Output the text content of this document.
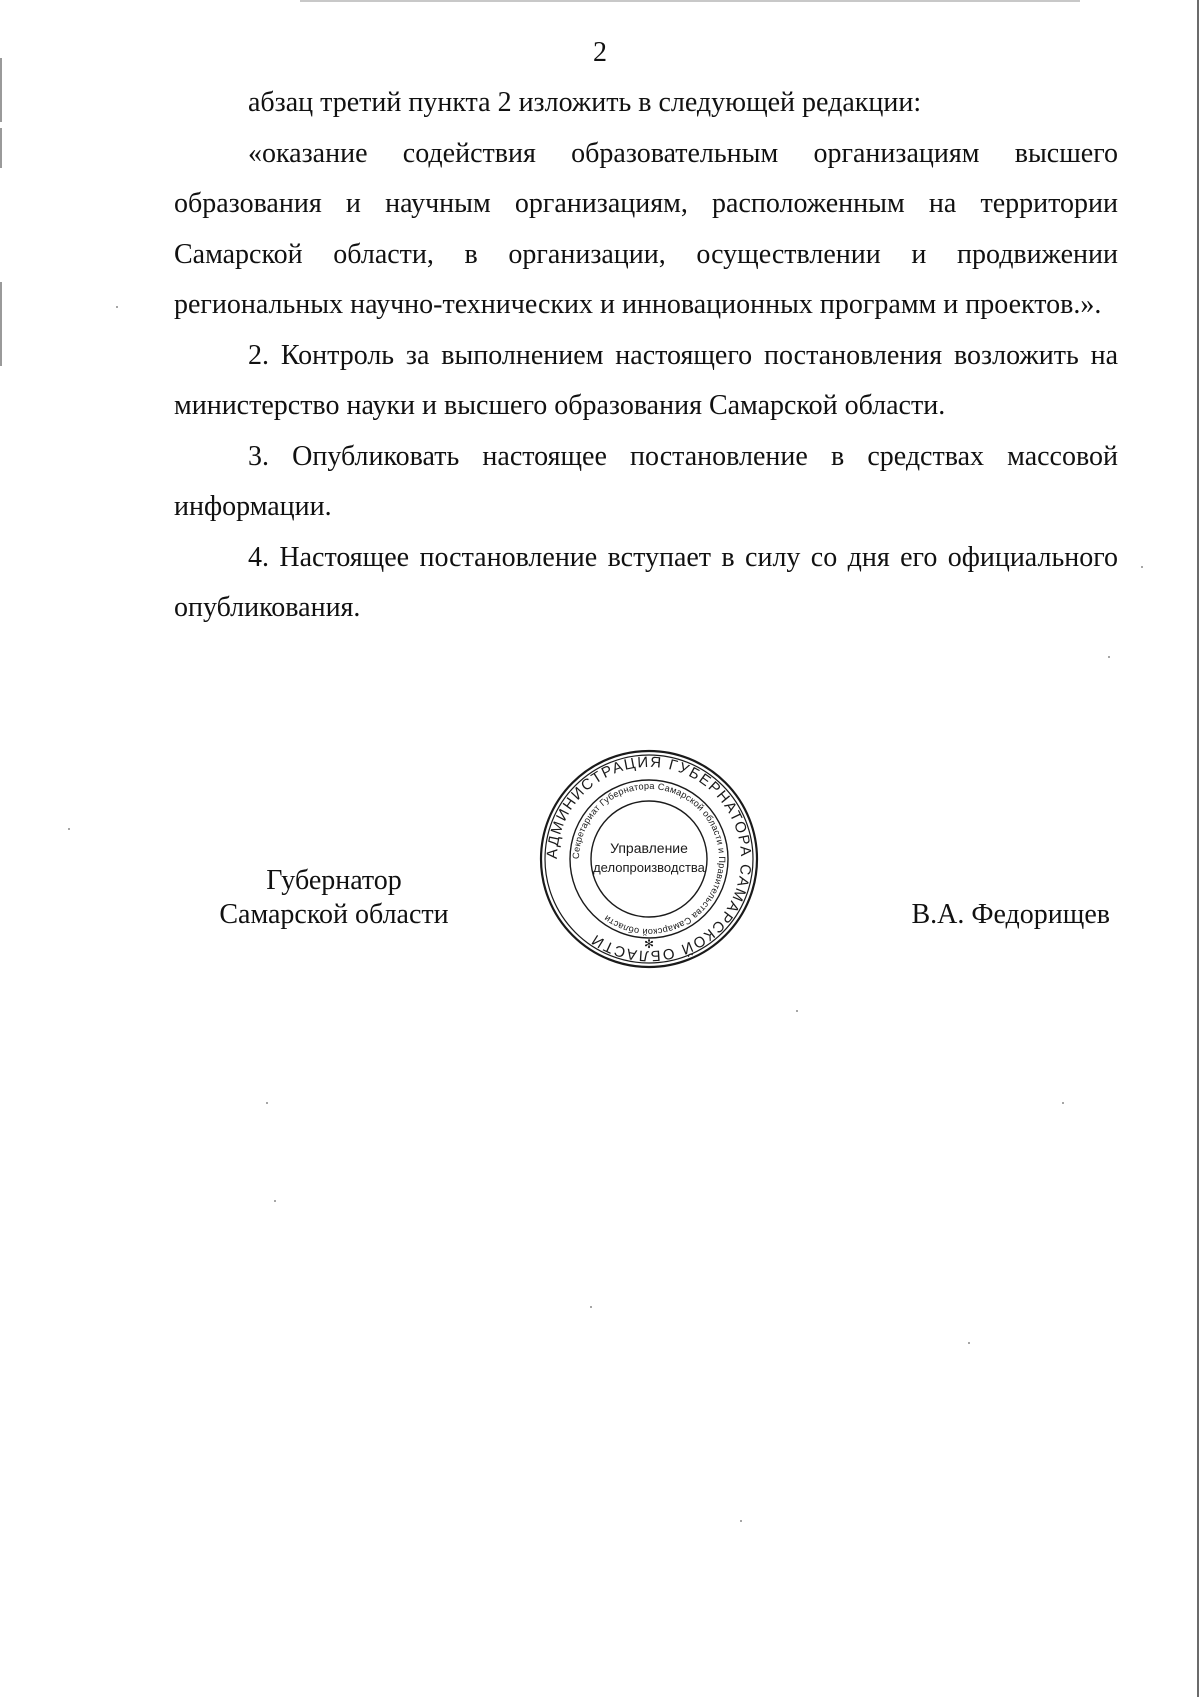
2

абзац третий пункта 2 изложить в следующей редакции:

«оказание содействия образовательным организациям высшего образования и научным организациям, расположенным на территории Самарской области, в организации, осуществлении и продвижении региональных научно-технических и инновационных программ и проектов.».

2. Контроль за выполнением настоящего постановления возложить на министерство науки и высшего образования Самарской области.

3. Опубликовать настоящее постановление в средствах массовой информации.

4. Настоящее постановление вступает в силу со дня его официального опубликования.

Губернатор
Самарской области	В.А. Федорищев
АДМИНИСТРАЦИЯ ГУБЕРНАТОРА САМАРСКОЙ ОБЛАСТИ
Секретариат Губернатора Самарской области и Правительства Самарской области
Управление
делопроизводства
✻
